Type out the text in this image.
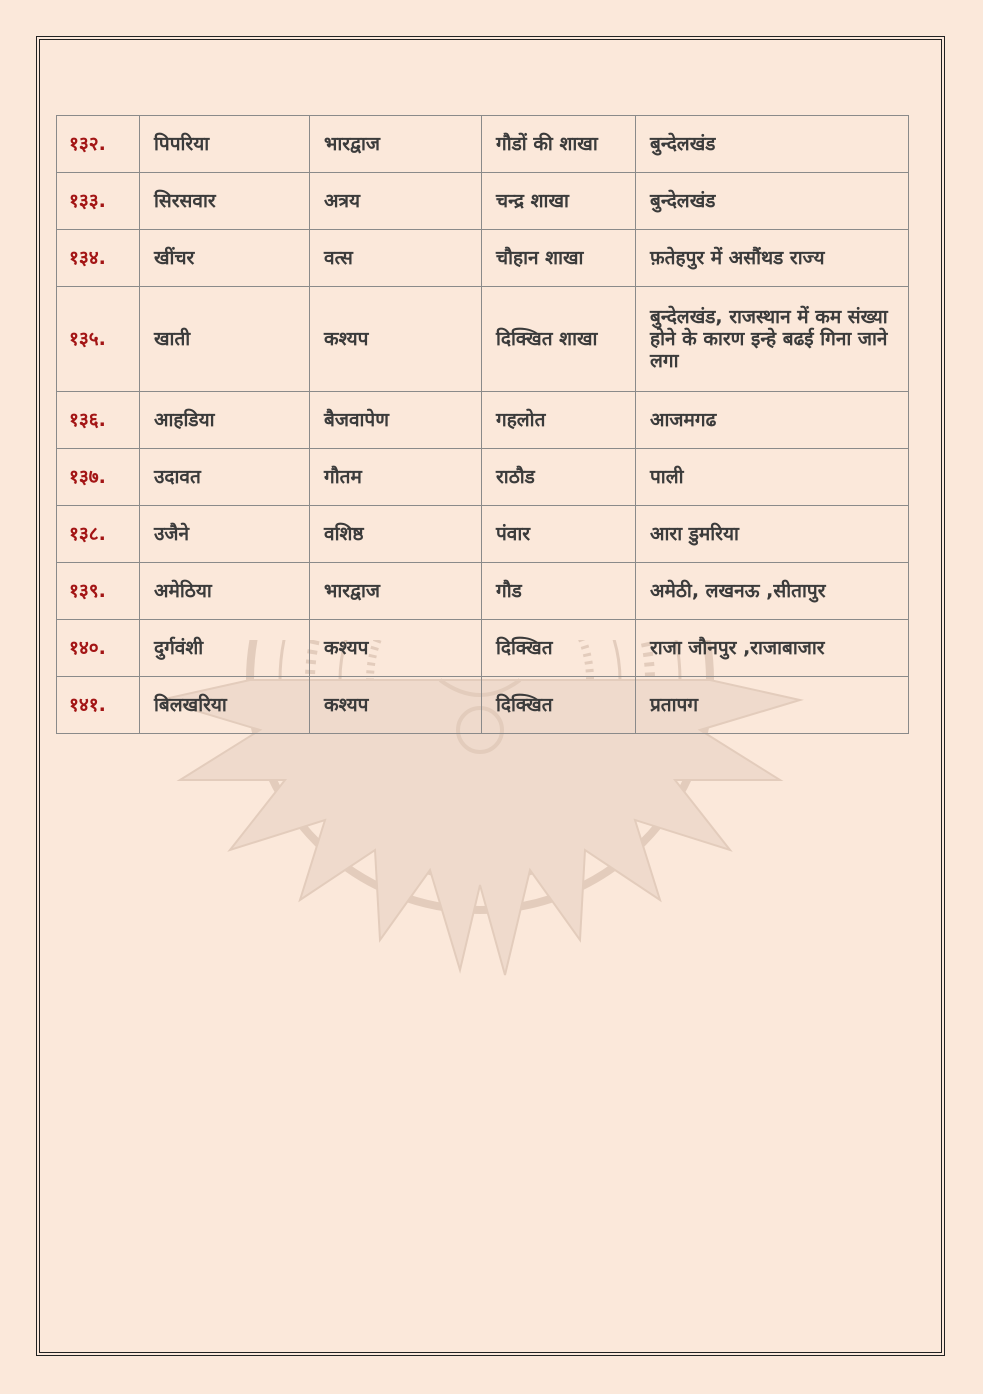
१३२.	पिपरिया	भारद्वाज	गौडों की शाखा	बुन्देलखंड
१३३.	सिरसवार	अत्रय	चन्द्र शाखा	बुन्देलखंड
१३४.	खींचर	वत्स	चौहान शाखा	फ़तेहपुर में असौंथड राज्य
१३५.	खाती	कश्यप	दिक्खित शाखा	बुन्देलखंड, राजस्थान में कम संख्या होने के कारण इन्हे बढई गिना जाने लगा
१३६.	आहडिया	बैजवापेण	गहलोत	आजमगढ
१३७.	उदावत	गौतम	राठौड	पाली
१३८.	उजैने	वशिष्ठ	पंवार	आरा डुमरिया
१३९.	अमेठिया	भारद्वाज	गौड	अमेठी, लखनऊ ,सीतापुर
१४०.	दुर्गवंशी	कश्यप	दिक्खित	राजा जौनपुर ,राजाबाजार
१४१.	बिलखरिया	कश्यप	दिक्खित	प्रतापग
